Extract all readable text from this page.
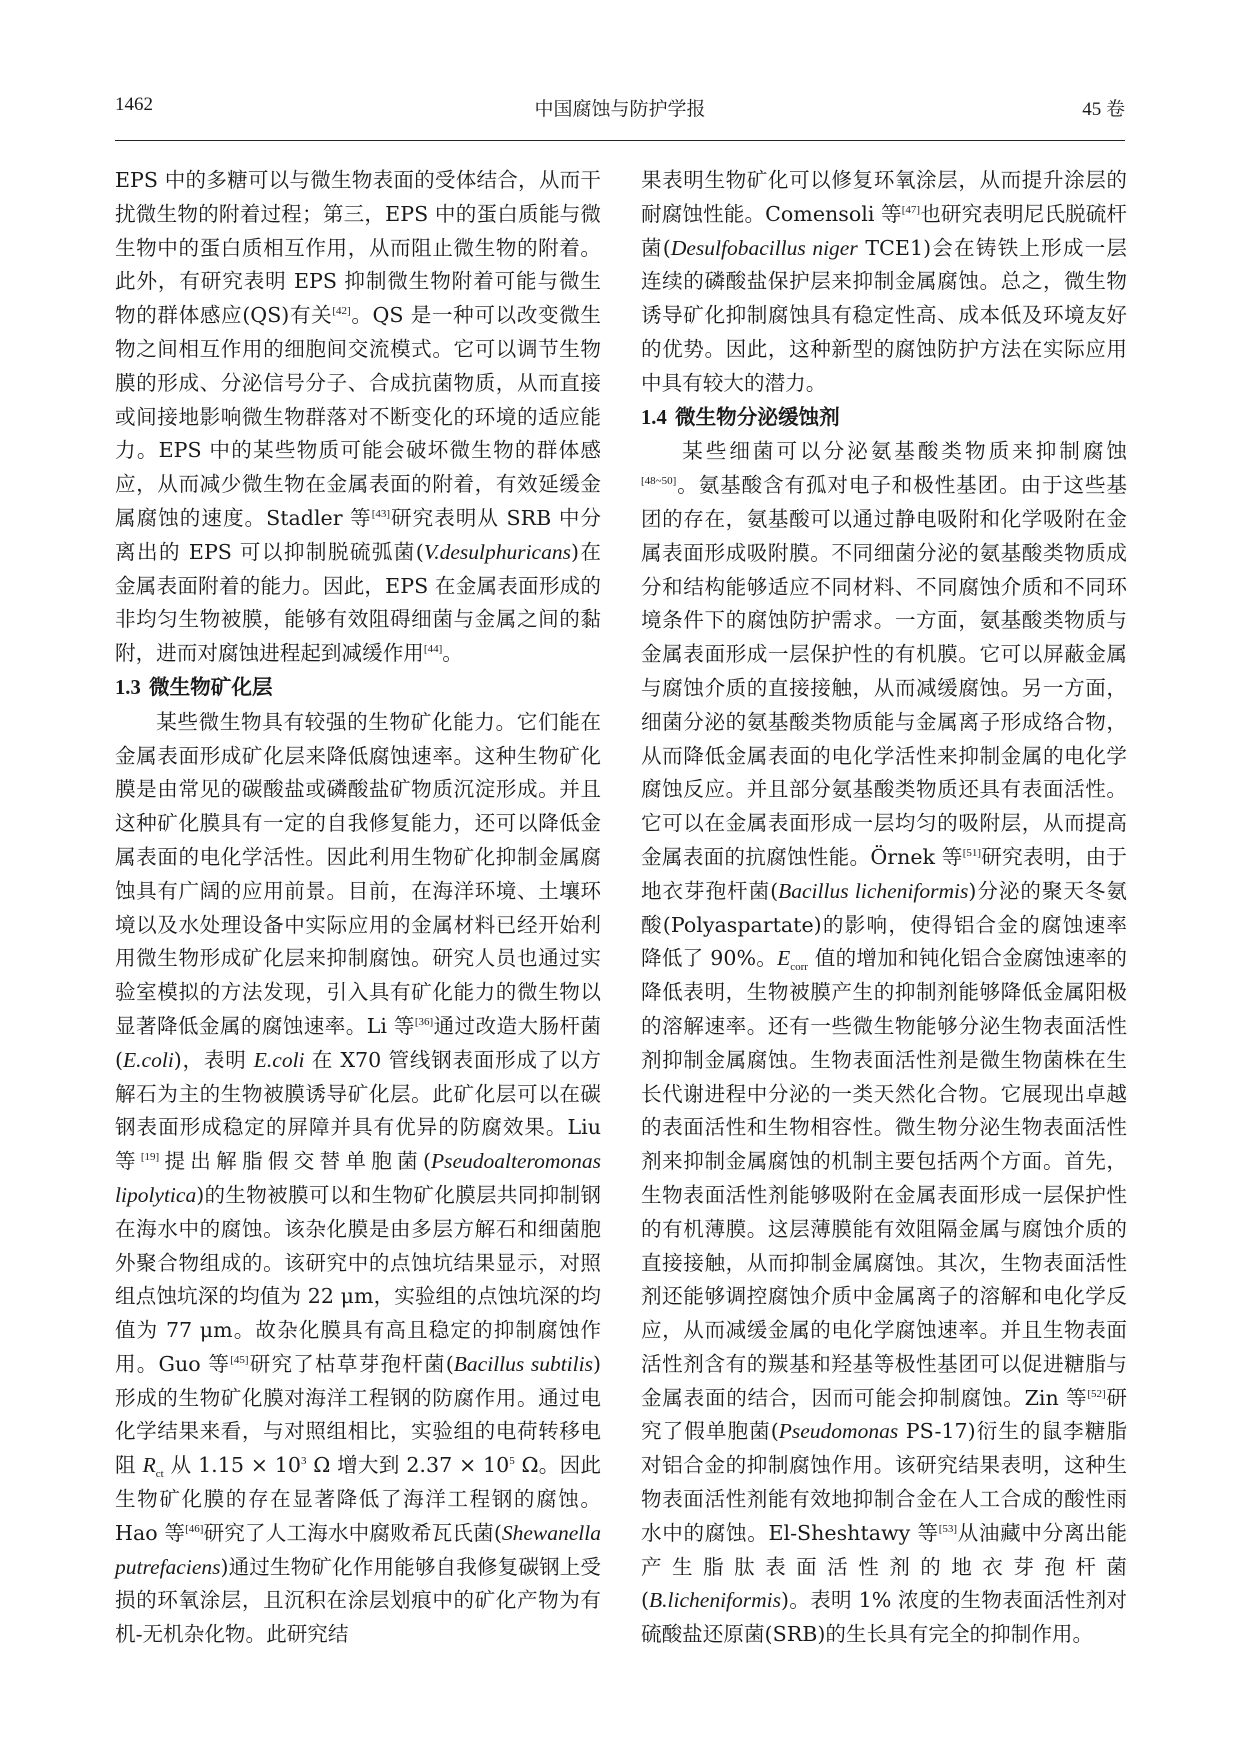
1462	中国腐蚀与防护学报	45 卷

EPS 中的多糖可以与微生物表面的受体结合，从而干扰微生物的附着过程；第三，EPS 中的蛋白质能与微生物中的蛋白质相互作用，从而阻止微生物的附着。此外，有研究表明 EPS 抑制微生物附着可能与微生物的群体感应(QS)有关[42]。QS 是一种可以改变微生物之间相互作用的细胞间交流模式。它可以调节生物膜的形成、分泌信号分子、合成抗菌物质，从而直接或间接地影响微生物群落对不断变化的环境的适应能力。EPS 中的某些物质可能会破坏微生物的群体感应，从而减少微生物在金属表面的附着，有效延缓金属腐蚀的速度。Stadler 等[43]研究表明从 SRB 中分离出的 EPS 可以抑制脱硫弧菌(V.desulphuricans)在金属表面附着的能力。因此，EPS 在金属表面形成的非均匀生物被膜，能够有效阻碍细菌与金属之间的黏附，进而对腐蚀进程起到减缓作用[44]。

1.3 微生物矿化层

某些微生物具有较强的生物矿化能力。它们能在金属表面形成矿化层来降低腐蚀速率。这种生物矿化膜是由常见的碳酸盐或磷酸盐矿物质沉淀形成。并且这种矿化膜具有一定的自我修复能力，还可以降低金属表面的电化学活性。因此利用生物矿化抑制金属腐蚀具有广阔的应用前景。目前，在海洋环境、土壤环境以及水处理设备中实际应用的金属材料已经开始利用微生物形成矿化层来抑制腐蚀。研究人员也通过实验室模拟的方法发现，引入具有矿化能力的微生物以显著降低金属的腐蚀速率。Li 等[36]通过改造大肠杆菌(E.coli)，表明 E.coli 在 X70 管线钢表面形成了以方解石为主的生物被膜诱导矿化层。此矿化层可以在碳钢表面形成稳定的屏障并具有优异的防腐效果。Liu 等[19]提出解脂假交替单胞菌(Pseudoalteromonas lipolytica)的生物被膜可以和生物矿化膜层共同抑制钢在海水中的腐蚀。该杂化膜是由多层方解石和细菌胞外聚合物组成的。该研究中的点蚀坑结果显示，对照组点蚀坑深的均值为 22 μm，实验组的点蚀坑深的均值为 77 μm。故杂化膜具有高且稳定的抑制腐蚀作用。Guo 等[45]研究了枯草芽孢杆菌(Bacillus subtilis)形成的生物矿化膜对海洋工程钢的防腐作用。通过电化学结果来看，与对照组相比，实验组的电荷转移电阻 $R_{ct}$ 从 1.15 × 10$^3$ Ω 增大到 2.37 × 10$^5$ Ω。因此生物矿化膜的存在显著降低了海洋工程钢的腐蚀。Hao 等[46]研究了人工海水中腐败希瓦氏菌(Shewanella putrefaciens)通过生物矿化作用能够自我修复碳钢上受损的环氧涂层，且沉积在涂层划痕中的矿化产物为有机-无机杂化物。此研究结

果表明生物矿化可以修复环氧涂层，从而提升涂层的耐腐蚀性能。Comensoli 等[47]也研究表明尼氏脱硫杆菌(Desulfobacillus niger TCE1)会在铸铁上形成一层连续的磷酸盐保护层来抑制金属腐蚀。总之，微生物诱导矿化抑制腐蚀具有稳定性高、成本低及环境友好的优势。因此，这种新型的腐蚀防护方法在实际应用中具有较大的潜力。

1.4 微生物分泌缓蚀剂

某些细菌可以分泌氨基酸类物质来抑制腐蚀[48~50]。氨基酸含有孤对电子和极性基团。由于这些基团的存在，氨基酸可以通过静电吸附和化学吸附在金属表面形成吸附膜。不同细菌分泌的氨基酸类物质成分和结构能够适应不同材料、不同腐蚀介质和不同环境条件下的腐蚀防护需求。一方面，氨基酸类物质与金属表面形成一层保护性的有机膜。它可以屏蔽金属与腐蚀介质的直接接触，从而减缓腐蚀。另一方面，细菌分泌的氨基酸类物质能与金属离子形成络合物，从而降低金属表面的电化学活性来抑制金属的电化学腐蚀反应。并且部分氨基酸类物质还具有表面活性。它可以在金属表面形成一层均匀的吸附层，从而提高金属表面的抗腐蚀性能。Örnek 等[51]研究表明，由于地衣芽孢杆菌(Bacillus licheniformis)分泌的聚天冬氨酸(Polyaspartate)的影响，使得铝合金的腐蚀速率降低了 90%。$E_{corr}$ 值的增加和钝化铝合金腐蚀速率的降低表明，生物被膜产生的抑制剂能够降低金属阳极的溶解速率。还有一些微生物能够分泌生物表面活性剂抑制金属腐蚀。生物表面活性剂是微生物菌株在生长代谢进程中分泌的一类天然化合物。它展现出卓越的表面活性和生物相容性。微生物分泌生物表面活性剂来抑制金属腐蚀的机制主要包括两个方面。首先，生物表面活性剂能够吸附在金属表面形成一层保护性的有机薄膜。这层薄膜能有效阻隔金属与腐蚀介质的直接接触，从而抑制金属腐蚀。其次，生物表面活性剂还能够调控腐蚀介质中金属离子的溶解和电化学反应，从而减缓金属的电化学腐蚀速率。并且生物表面活性剂含有的羰基和羟基等极性基团可以促进糖脂与金属表面的结合，因而可能会抑制腐蚀。Zin 等[52]研究了假单胞菌(Pseudomonas PS-17)衍生的鼠李糖脂对铝合金的抑制腐蚀作用。该研究结果表明，这种生物表面活性剂能有效地抑制合金在人工合成的酸性雨水中的腐蚀。El-Sheshtawy 等[53]从油藏中分离出能产生脂肽表面活性剂的地衣芽孢杆菌(B.licheniformis)。表明 1% 浓度的生物表面活性剂对硫酸盐还原菌(SRB)的生长具有完全的抑制作用。
